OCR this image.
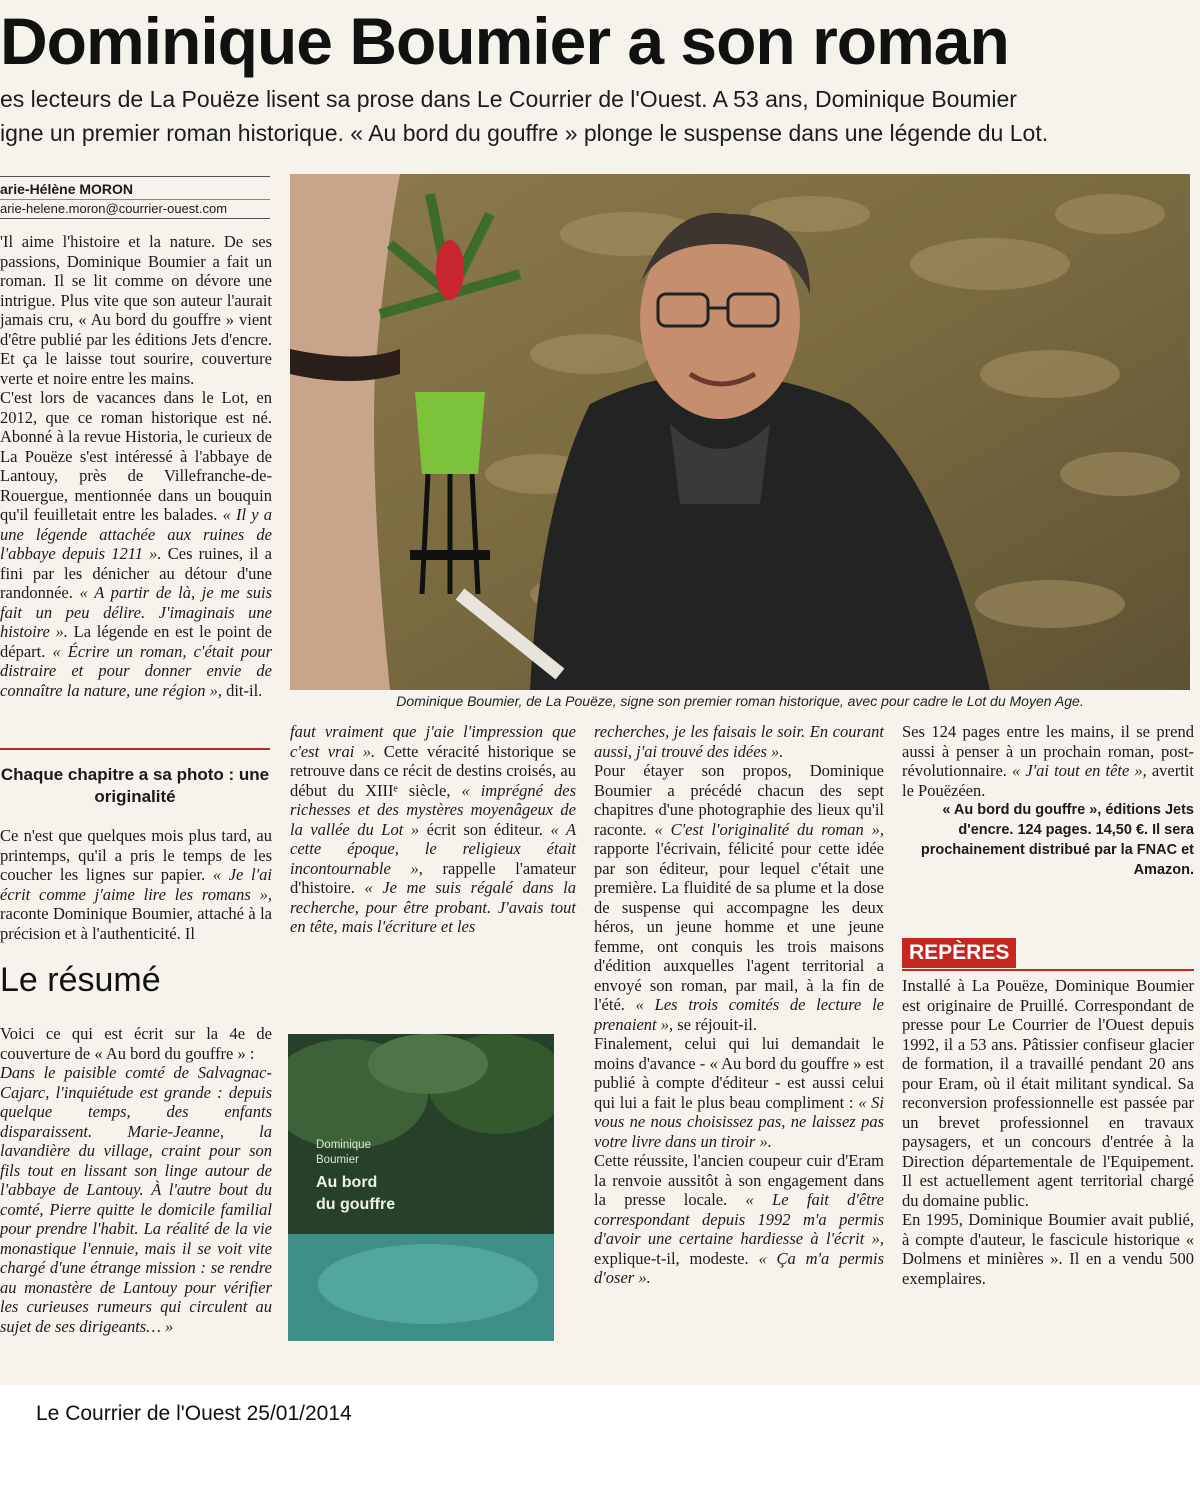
Dominique Boumier a son roman

es lecteurs de La Pouëze lisent sa prose dans Le Courrier de l'Ouest. A 53 ans, Dominique Boumier

igne un premier roman historique. « Au bord du gouffre » plonge le suspense dans une légende du Lot.

arie-Hélène MORON
arie-helene.moron@courrier-ouest.com

'Il aime l'histoire et la nature. De ses passions, Dominique Boumier a fait un roman. Il se lit comme on dévore une intrigue. Plus vite que son auteur l'aurait jamais cru, « Au bord du gouffre » vient d'être publié par les éditions Jets d'encre. Et ça le laisse tout sourire, couverture verte et noire entre les mains.

C'est lors de vacances dans le Lot, en 2012, que ce roman historique est né. Abonné à la revue Historia, le curieux de La Pouëze s'est intéressé à l'abbaye de Lantouy, près de Villefranche-de-Rouergue, mentionnée dans un bouquin qu'il feuilletait entre les balades. « Il y a une légende attachée aux ruines de l'abbaye depuis 1211 ». Ces ruines, il a fini par les dénicher au détour d'une randonnée. « A partir de là, je me suis fait un peu délire. J'imaginais une histoire ». La légende en est le point de départ. « Écrire un roman, c'était pour distraire et pour donner envie de connaître la nature, une région », dit-il.

Chaque chapitre a sa photo : une originalité

Ce n'est que quelques mois plus tard, au printemps, qu'il a pris le temps de les coucher les lignes sur papier. « Je l'ai écrit comme j'aime lire les romans », raconte Dominique Boumier, attaché à la précision et à l'authenticité. Il

Dominique Boumier, de La Pouëze, signe son premier roman historique, avec pour cadre le Lot du Moyen Age.

faut vraiment que j'aie l'impression que c'est vrai ». Cette véracité historique se retrouve dans ce récit de destins croisés, au début du XIIIᵉ siècle, « imprégné des richesses et des mystères moyenâgeux de la vallée du Lot » écrit son éditeur. « A cette époque, le religieux était incontournable », rappelle l'amateur d'histoire. « Je me suis régalé dans la recherche, pour être probant. J'avais tout en tête, mais l'écriture et les

recherches, je les faisais le soir. En courant aussi, j'ai trouvé des idées ».

Pour étayer son propos, Dominique Boumier a précédé chacun des sept chapitres d'une photographie des lieux qu'il raconte. « C'est l'originalité du roman », rapporte l'écrivain, félicité pour cette idée par son éditeur, pour lequel c'était une première. La fluidité de sa plume et la dose de suspense qui accompagne les deux héros, un jeune homme et une jeune femme, ont conquis les trois maisons d'édition auxquelles l'agent territorial a envoyé son roman, par mail, à la fin de l'été. « Les trois comités de lecture le prenaient », se réjouit-il.

Finalement, celui qui lui demandait le moins d'avance - « Au bord du gouffre » est publié à compte d'éditeur - est aussi celui qui lui a fait le plus beau compliment : « Si vous ne nous choisissez pas, ne laissez pas votre livre dans un tiroir ».

Cette réussite, l'ancien coupeur cuir d'Eram la renvoie aussitôt à son engagement dans la presse locale. « Le fait d'être correspondant depuis 1992 m'a permis d'avoir une certaine hardiesse à l'écrit », explique-t-il, modeste. « Ça m'a permis d'oser ».

Ses 124 pages entre les mains, il se prend aussi à penser à un prochain roman, post-révolutionnaire. « J'ai tout en tête », avertit le Pouëzéen.

« Au bord du gouffre », éditions Jets d'encre. 124 pages. 14,50 €. Il sera prochainement distribué par la FNAC et Amazon.

REPÈRES

Installé à La Pouëze, Dominique Boumier est originaire de Pruillé. Correspondant de presse pour Le Courrier de l'Ouest depuis 1992, il a 53 ans. Pâtissier confiseur glacier de formation, il a travaillé pendant 20 ans pour Eram, où il était militant syndical. Sa reconversion professionnelle est passée par un brevet professionnel en travaux paysagers, et un concours d'entrée à la Direction départementale de l'Equipement. Il est actuellement agent territorial chargé du domaine public.

En 1995, Dominique Boumier avait publié, à compte d'auteur, le fascicule historique « Dolmens et minières ». Il en a vendu 500 exemplaires.

Le résumé

Voici ce qui est écrit sur la 4e de couverture de « Au bord du gouffre » :

Dans le paisible comté de Salvagnac-Cajarc, l'inquiétude est grande : depuis quelque temps, des enfants disparaissent. Marie-Jeanne, la lavandière du village, craint pour son fils tout en lissant son linge autour de l'abbaye de Lantouy. À l'autre bout du comté, Pierre quitte le domicile familial pour prendre l'habit. La réalité de la vie monastique l'ennuie, mais il se voit vite chargé d'une étrange mission : se rendre au monastère de Lantouy pour vérifier les curieuses rumeurs qui circulent au sujet de ses dirigeants… »

Dominique
Boumier
Au bord
du gouffre
Le Courrier de l'Ouest 25/01/2014
